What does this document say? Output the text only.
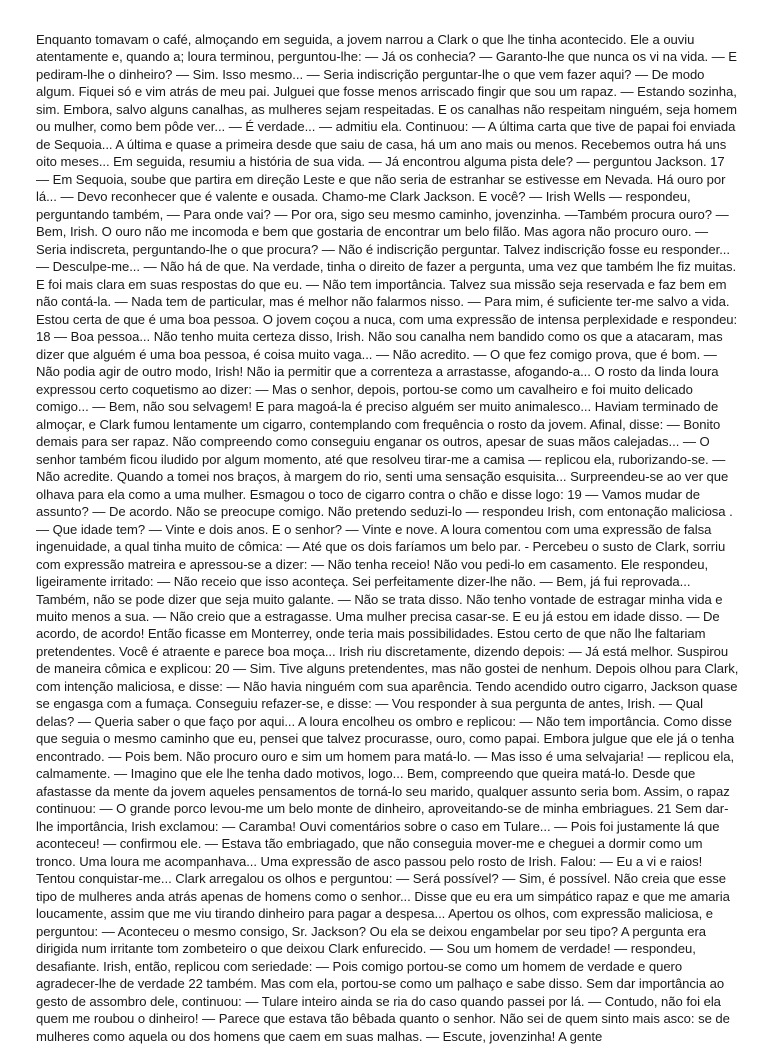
Enquanto tomavam o café, almoçando em seguida, a jovem narrou a Clark o que lhe tinha acontecido. Ele a ouviu atentamente e, quando a; loura terminou, perguntou-lhe: — Já os conhecia? — Garanto-lhe que nunca os vi na vida. — E pediram-lhe o dinheiro? — Sim. Isso mesmo... — Seria indiscrição perguntar-lhe o que vem fazer aqui? — De modo algum. Fiquei só e vim atrás de meu pai. Julguei que fosse menos arriscado fingir que sou um rapaz. — Estando sozinha, sim. Embora, salvo alguns canalhas, as mulheres sejam respeitadas. E os canalhas não respeitam ninguém, seja homem ou mulher, como bem pôde ver... — É verdade... — admitiu ela. Continuou: — A última carta que tive de papai foi enviada de Sequoia... A última e quase a primeira desde que saiu de casa, há um ano mais ou menos. Recebemos outra há uns oito meses... Em seguida, resumiu a história de sua vida. — Já encontrou alguma pista dele? — perguntou Jackson. 17 — Em Sequoia, soube que partira em direção Leste e que não seria de estranhar se estivesse em Nevada. Há ouro por lá... — Devo reconhecer que é valente e ousada. Chamo-me Clark Jackson. E você? — Irish Wells — respondeu, perguntando também, — Para onde vai? — Por ora, sigo seu mesmo caminho, jovenzinha. —Também procura ouro? — Bem, Irish. O ouro não me incomoda e bem que gostaria de encontrar um belo filão. Mas agora não procuro ouro. — Seria indiscreta, perguntando-lhe o que procura? — Não é indiscrição perguntar. Talvez indiscrição fosse eu responder... — Desculpe-me... — Não há de que. Na verdade, tinha o direito de fazer a pergunta, uma vez que também lhe fiz muitas. E foi mais clara em suas respostas do que eu. — Não tem importância. Talvez sua missão seja reservada e faz bem em não contá-la. — Nada tem de particular, mas é melhor não falarmos nisso. — Para mim, é suficiente ter-me salvo a vida. Estou certa de que é uma boa pessoa. O jovem coçou a nuca, com uma expressão de intensa perplexidade e respondeu: 18 — Boa pessoa... Não tenho muita certeza disso, Irish. Não sou canalha nem bandido como os que a atacaram, mas dizer que alguém é uma boa pessoa, é coisa muito vaga... — Não acredito. — O que fez comigo prova, que é bom. — Não podia agir de outro modo, Irish! Não ia permitir que a correnteza a arrastasse, afogando-a... O rosto da linda loura expressou certo coquetismo ao dizer: — Mas o senhor, depois, portou-se como um cavalheiro e foi muito delicado comigo... — Bem, não sou selvagem! E para magoá-la é preciso alguém ser muito animalesco... Haviam terminado de almoçar, e Clark fumou lentamente um cigarro, contemplando com frequência o rosto da jovem. Afinal, disse: — Bonito demais para ser rapaz. Não compreendo como conseguiu enganar os outros, apesar de suas mãos calejadas... — O senhor também ficou iludido por algum momento, até que resolveu tirar-me a camisa — replicou ela, ruborizando-se. — Não acredite. Quando a tomei nos braços, à margem do rio, senti uma sensação esquisita... Surpreendeu-se ao ver que olhava para ela como a uma mulher. Esmagou o toco de cigarro contra o chão e disse logo: 19 — Vamos mudar de assunto? — De acordo. Não se preocupe comigo. Não pretendo seduzi-lo — respondeu Irish, com entonação maliciosa . — Que idade tem? — Vinte e dois anos. E o senhor? — Vinte e nove. A loura comentou com uma expressão de falsa ingenuidade, a qual tinha muito de cômica: — Até que os dois faríamos um belo par. - Percebeu o susto de Clark, sorriu com expressão matreira e apressou-se a dizer: — Não tenha receio! Não vou pedi-lo em casamento. Ele respondeu, ligeiramente irritado: — Não receio que isso aconteça. Sei perfeitamente dizer-lhe não. — Bem, já fui reprovada... Também, não se pode dizer que seja muito galante. — Não se trata disso. Não tenho vontade de estragar minha vida e muito menos a sua. — Não creio que a estragasse. Uma mulher precisa casar-se. E eu já estou em idade disso. — De acordo, de acordo! Então ficasse em Monterrey, onde teria mais possibilidades. Estou certo de que não lhe faltariam pretendentes. Você é atraente e parece boa moça... Irish riu discretamente, dizendo depois: — Já está melhor. Suspirou de maneira cômica e explicou: 20 — Sim. Tive alguns pretendentes, mas não gostei de nenhum. Depois olhou para Clark, com intenção maliciosa, e disse: — Não havia ninguém com sua aparência. Tendo acendido outro cigarro, Jackson quase se engasga com a fumaça. Conseguiu refazer-se, e disse: — Vou responder à sua pergunta de antes, Irish. — Qual delas? — Queria saber o que faço por aqui... A loura encolheu os ombro e replicou: — Não tem importância. Como disse que seguia o mesmo caminho que eu, pensei que talvez procurasse, ouro, como papai. Embora julgue que ele já o tenha encontrado. — Pois bem. Não procuro ouro e sim um homem para matá-lo. — Mas isso é uma selvajaria! — replicou ela, calmamente. — Imagino que ele lhe tenha dado motivos, logo... Bem, compreendo que queira matá-lo. Desde que afastasse da mente da jovem aqueles pensamentos de torná-lo seu marido, qualquer assunto seria bom. Assim, o rapaz continuou: — O grande porco levou-me um belo monte de dinheiro, aproveitando-se de minha embriagues. 21 Sem dar-lhe importância, Irish exclamou: — Caramba! Ouvi comentários sobre o caso em Tulare... — Pois foi justamente lá que aconteceu! — confirmou ele. — Estava tão embriagado, que não conseguia mover-me e cheguei a dormir como um tronco. Uma loura me acompanhava... Uma expressão de asco passou pelo rosto de Irish. Falou: — Eu a vi e raios! Tentou conquistar-me... Clark arregalou os olhos e perguntou: — Será possível? — Sim, é possível. Não creia que esse tipo de mulheres anda atrás apenas de homens como o senhor... Disse que eu era um simpático rapaz e que me amaria loucamente, assim que me viu tirando dinheiro para pagar a despesa... Apertou os olhos, com expressão maliciosa, e perguntou: — Aconteceu o mesmo consigo, Sr. Jackson? Ou ela se deixou engambelar por seu tipo? A pergunta era dirigida num irritante tom zombeteiro o que deixou Clark enfurecido. — Sou um homem de verdade! — respondeu, desafiante. Irish, então, replicou com seriedade: — Pois comigo portou-se como um homem de verdade e quero agradecer-lhe de verdade 22 também. Mas com ela, portou-se como um palhaço e sabe disso. Sem dar importância ao gesto de assombro dele, continuou: — Tulare inteiro ainda se ria do caso quando passei por lá. — Contudo, não foi ela quem me roubou o dinheiro! — Parece que estava tão bêbada quanto o senhor. Não sei de quem sinto mais asco: se de mulheres como aquela ou dos homens que caem em suas malhas. — Escute, jovenzinha! A gente
